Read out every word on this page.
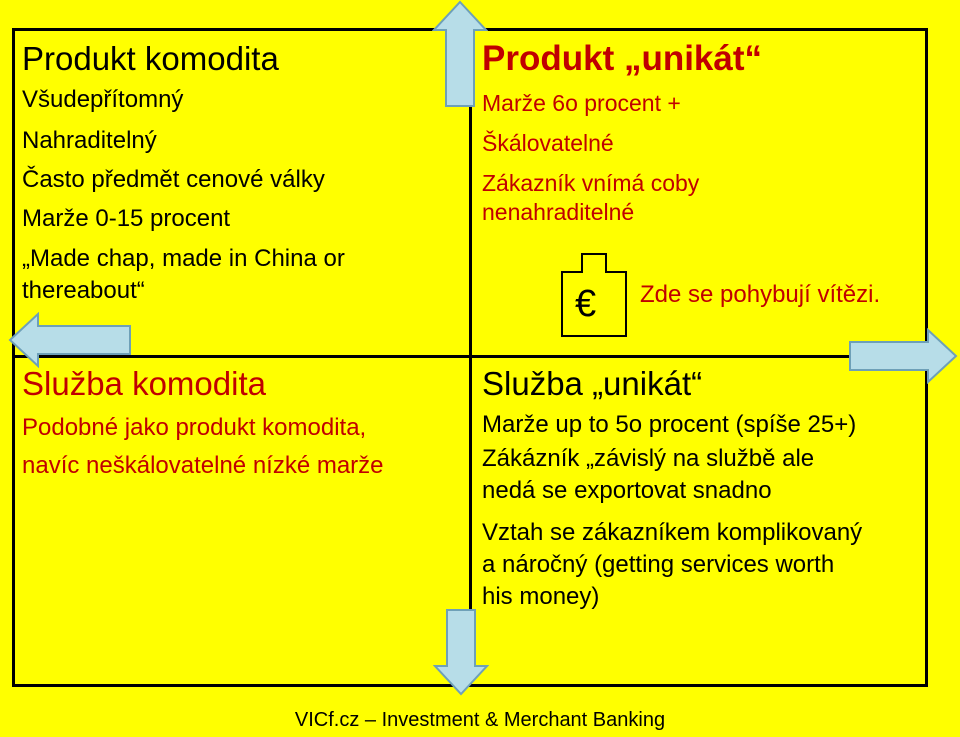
Produkt komodita
Všudepřítomný
Nahraditelný
Často předmět cenové války
Marže 0-15 procent
„Made chap, made in China or
thereabout“
Produkt „unikát“
Marže 6o procent +
Škálovatelné
Zákazník vnímá coby
nenahraditelné
€ Zde se pohybují vítězi.
Služba komodita
Podobné jako produkt komodita,
navíc neškálovatelné nízké marže
Služba „unikát“
Marže up to 5o procent (spíše 25+)
Zákázník „závislý na službě ale
nedá se exportovat snadno
Vztah se zákazníkem komplikovaný
a náročný (getting services worth
his money)
VICf.cz – Investment & Merchant Banking
